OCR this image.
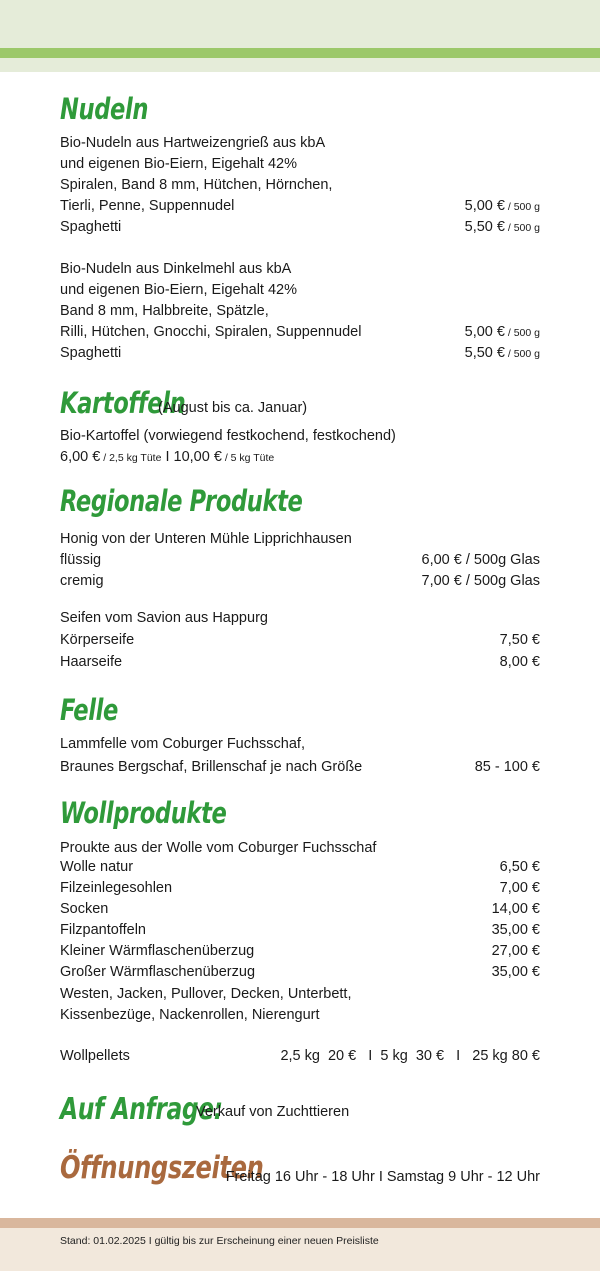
Nudeln
Bio-Nudeln aus Hartweizengrieß aus kbA
und eigenen Bio-Eiern, Eigehalt 42%
Spiralen, Band 8 mm, Hütchen, Hörnchen,
Tierli, Penne, Suppennudel	5,00 € / 500 g
Spaghetti	5,50 € / 500 g
Bio-Nudeln aus Dinkelmehl aus kbA
und eigenen Bio-Eiern, Eigehalt 42%
Band 8 mm, Halbbreite, Spätzle,
Rilli, Hütchen, Gnocchi, Spiralen, Suppennudel	5,00 € / 500 g
Spaghetti	5,50 € / 500 g
Kartoffeln
(August bis ca. Januar)
Bio-Kartoffel (vorwiegend festkochend, festkochend)
6,00 € / 2,5 kg Tüte I 10,00 € / 5 kg Tüte
Regionale Produkte
Honig von der Unteren Mühle Lipprichhausen
flüssig	6,00 € / 500g Glas
cremig	7,00 € / 500g Glas
Seifen vom Savion aus Happurg
Körperseife	7,50 €
Haarseife	8,00 €
Felle
Lammfelle vom Coburger Fuchsschaf,
Braunes Bergschaf, Brillenschaf je nach Größe	85 - 100 €
Wollprodukte
Proukte aus der Wolle vom Coburger Fuchsschaf
Wolle natur	6,50 €
Filzeinlegesohlen	7,00 €
Socken	14,00 €
Filzpantoffeln	35,00 €
Kleiner Wärmflaschenüberzug	27,00 €
Großer Wärmflaschenüberzug	35,00 €
Westen, Jacken, Pullover, Decken, Unterbett,
Kissenbezüge, Nackenrollen, Nierengurt
Wollpellets	2,5 kg  20 €   I  5 kg  30 €   I   25 kg 80 €
Auf Anfrage:
Verkauf von Zuchttieren
Öffnungszeiten
Freitag 16 Uhr - 18 Uhr I Samstag 9 Uhr - 12 Uhr
Stand: 01.02.2025 I gültig bis zur Erscheinung einer neuen Preisliste
